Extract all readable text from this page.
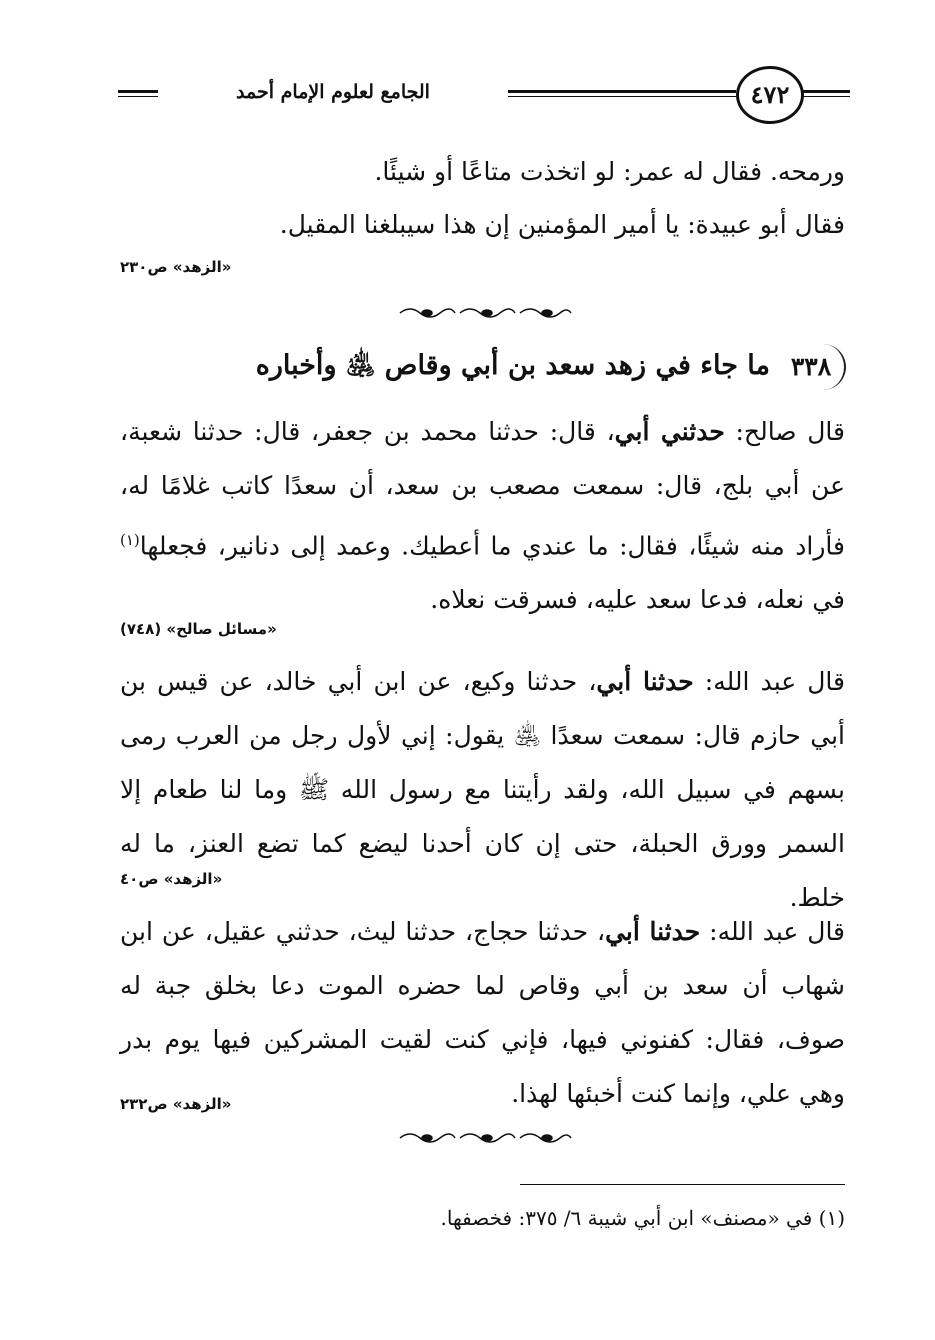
الجامع لعلوم الإمام أحمد	٤٧٢
ورمحه. فقال له عمر: لو اتخذت متاعًا أو شيئًا.
فقال أبو عبيدة: يا أمير المؤمنين إن هذا سيبلغنا المقيل.
«الزهد» ص٢٣٠
٣٣٨
ما جاء في زهد سعد بن أبي وقاص ﵁ وأخباره
قال صالح: حدثني أبي، قال: حدثنا محمد بن جعفر، قال: حدثنا شعبة، عن أبي بلج، قال: سمعت مصعب بن سعد، أن سعدًا كاتب غلامًا له، فأراد منه شيئًا، فقال: ما عندي ما أعطيك. وعمد إلى دنانير، فجعلها$^{(١)}$ في نعله، فدعا سعد عليه، فسرقت نعلاه.
«مسائل صالح» (٧٤٨)
قال عبد الله: حدثنا أبي، حدثنا وكيع، عن ابن أبي خالد، عن قيس بن أبي حازم قال: سمعت سعدًا ﵁ يقول: إني لأول رجل من العرب رمى بسهم في سبيل الله، ولقد رأيتنا مع رسول الله ﷺ وما لنا طعام إلا السمر وورق الحبلة، حتى إن كان أحدنا ليضع كما تضع العنز، ما له خلط.
«الزهد» ص٤٠
قال عبد الله: حدثنا أبي، حدثنا حجاج، حدثنا ليث، حدثني عقيل، عن ابن شهاب أن سعد بن أبي وقاص لما حضره الموت دعا بخلق جبة له صوف، فقال: كفنوني فيها، فإني كنت لقيت المشركين فيها يوم بدر وهي علي، وإنما كنت أخبئها لهذا.
«الزهد» ص٢٣٢
(١) في «مصنف» ابن أبي شيبة ٦/ ٣٧٥: فخصفها.
